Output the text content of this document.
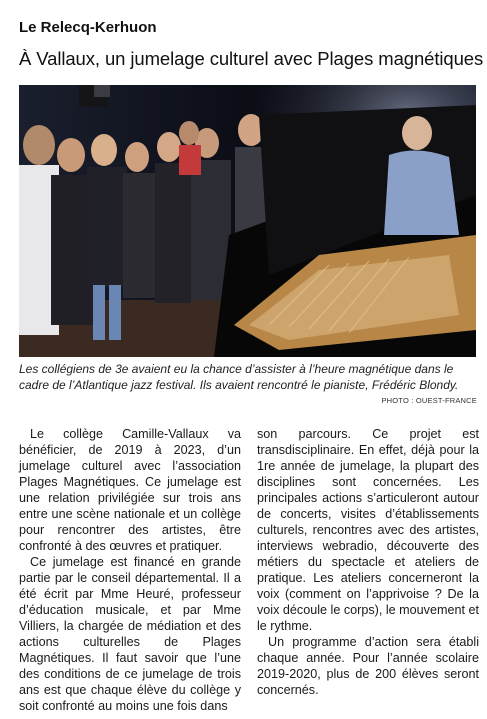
Le Relecq-Kerhuon
À Vallaux, un jumelage culturel avec Plages magnétiques
Les collégiens de 3e avaient eu la chance d’assister à l’heure magnétique dans le cadre de l’Atlantique jazz festival. Ils avaient rencontré le pianiste, Frédéric Blondy.
PHOTO : OUEST-FRANCE

Le collège Camille-Vallaux va bénéficier, de 2019 à 2023, d’un jumelage culturel avec l’association Plages Magnétiques. Ce jumelage est une relation privilégiée sur trois ans entre une scène nationale et un collège pour rencontrer des artistes, être confronté à des œuvres et pratiquer.

Ce jumelage est financé en grande partie par le conseil départemental. Il a été écrit par Mme Heuré, professeur d’éducation musicale, et par Mme Villiers, la chargée de médiation et des actions culturelles de Plages Magnétiques. Il faut savoir que l’une des conditions de ce jumelage de trois ans est que chaque élève du collège y soit confronté au moins une fois dans

son parcours. Ce projet est transdisciplinaire. En effet, déjà pour la 1re année de jumelage, la plupart des disciplines sont concernées. Les principales actions s’articuleront autour de concerts, visites d’établissements culturels, rencontres avec des artistes, interviews webradio, découverte des métiers du spectacle et ateliers de pratique. Les ateliers concerneront la voix (comment on l’apprivoise ? De la voix découle le corps), le mouvement et le rythme.

Un programme d’action sera établi chaque année. Pour l’année scolaire 2019-2020, plus de 200 élèves seront concernés.
